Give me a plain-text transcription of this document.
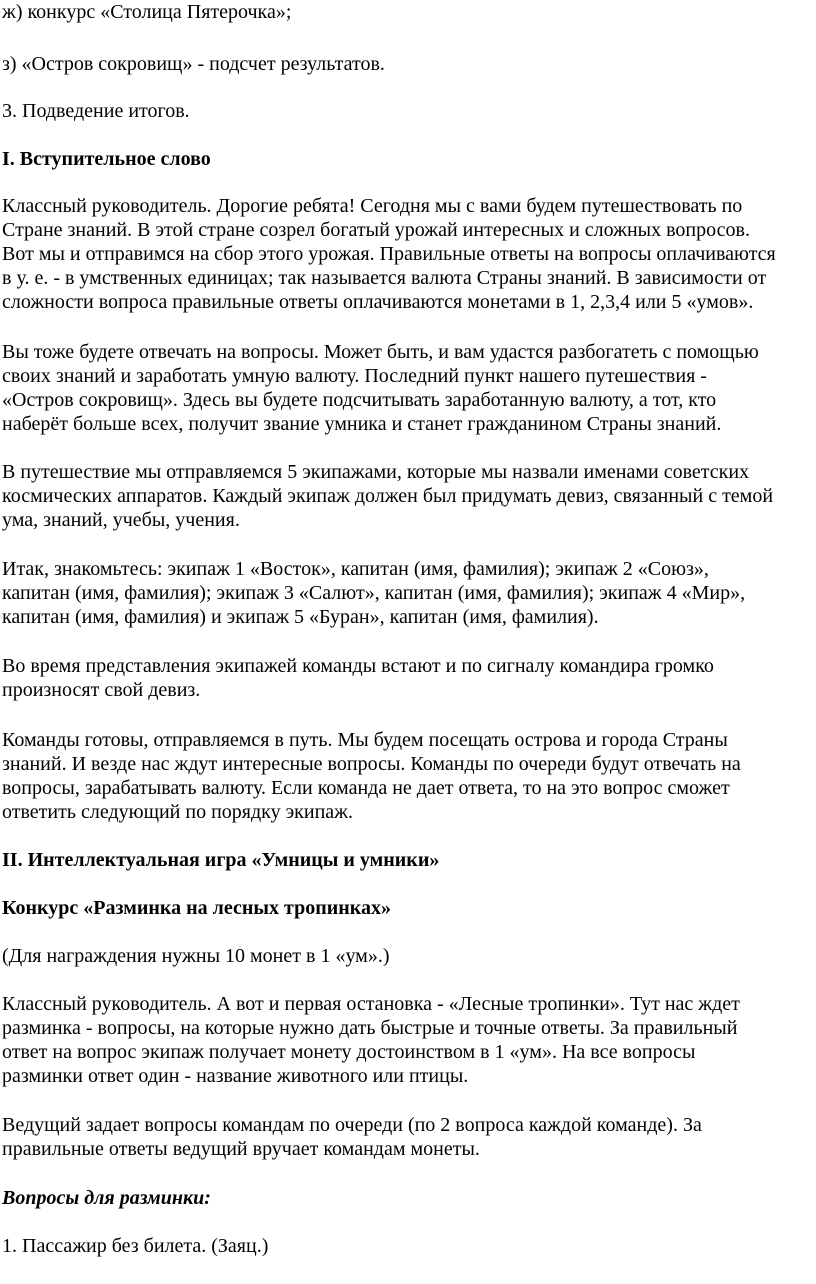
ж) конкурс «Столица Пятерочка»;

з) «Остров сокровищ» - подсчет результатов.

3. Подведение итогов.

I. Вступительное слово

Классный руководитель. Дорогие ребята! Сегодня мы с вами будем путешествовать по
Стране знаний. В этой стране созрел богатый урожай интересных и сложных вопросов.
Вот мы и отправимся на сбор этого урожая. Правильные ответы на вопросы оплачиваются
в у. е. - в умственных единицах; так называется валюта Страны знаний. В зависимости от
сложности вопроса правильные ответы оплачиваются монетами в 1, 2,3,4 или 5 «умов».

Вы тоже будете отвечать на вопросы. Может быть, и вам удастся разбогатеть с помощью
своих знаний и заработать умную валюту. Последний пункт нашего путешествия -
«Остров сокровищ». Здесь вы будете подсчитывать заработанную валюту, а тот, кто
наберёт больше всех, получит звание умника и станет гражданином Страны знаний.

В путешествие мы отправляемся 5 экипажами, которые мы назвали именами советских
космических аппаратов. Каждый экипаж должен был придумать девиз, связанный с темой
ума, знаний, учебы, учения.

Итак, знакомьтесь: экипаж 1 «Восток», капитан (имя, фамилия); экипаж 2 «Союз»,
капитан (имя, фамилия); экипаж 3 «Салют», капитан (имя, фамилия); экипаж 4 «Мир»,
капитан (имя, фамилия) и экипаж 5 «Буран», капитан (имя, фамилия).

Во время представления экипажей команды встают и по сигналу командира громко
произносят свой девиз.

Команды готовы, отправляемся в путь. Мы будем посещать острова и города Страны
знаний. И везде нас ждут интересные вопросы. Команды по очереди будут отвечать на
вопросы, зарабатывать валюту. Если команда не дает ответа, то на это вопрос сможет
ответить следующий по порядку экипаж.

II. Интеллектуальная игра «Умницы и умники»

Конкурс «Разминка на лесных тропинках»

(Для награждения нужны 10 монет в 1 «ум».)

Классный руководитель. А вот и первая остановка - «Лесные тропинки». Тут нас ждет
разминка - вопросы, на которые нужно дать быстрые и точные ответы. За правильный
ответ на вопрос экипаж получает монету достоинством в 1 «ум». На все вопросы
разминки ответ один - название животного или птицы.

Ведущий задает вопросы командам по очереди (по 2 вопроса каждой команде). За
правильные ответы ведущий вручает командам монеты.

Вопросы для разминки:

1. Пассажир без билета. (Заяц.)
